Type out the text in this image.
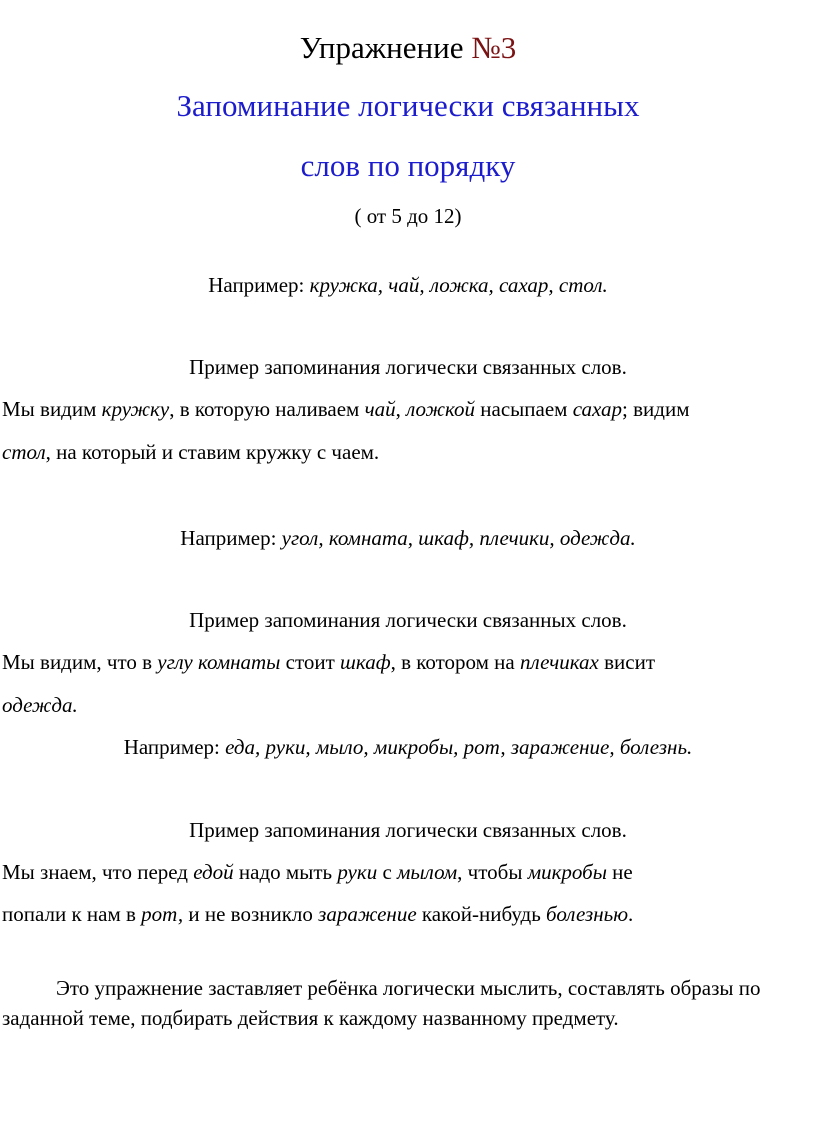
Упражнение №3
Запоминание логически связанных
слов по порядку
( от 5 до 12)
Например: кружка, чай, ложка, сахар, стол.
Пример запоминания логически связанных слов.
Мы видим кружку, в которую наливаем чай, ложкой насыпаем сахар; видим
стол, на который и ставим кружку с чаем.
Например: угол, комната, шкаф, плечики, одежда.
Пример запоминания логически связанных слов.
Мы видим, что в углу комнаты стоит шкаф, в котором на плечиках висит
одежда.
Например: еда, руки, мыло, микробы, рот, заражение, болезнь.
Пример запоминания логически связанных слов.
Мы знаем, что перед едой надо мыть руки с мылом, чтобы микробы не
попали к нам в рот, и не возникло заражение какой-нибудь болезнью.
Это упражнение заставляет ребёнка логически мыслить, составлять образы по заданной теме, подбирать действия к каждому названному предмету.
